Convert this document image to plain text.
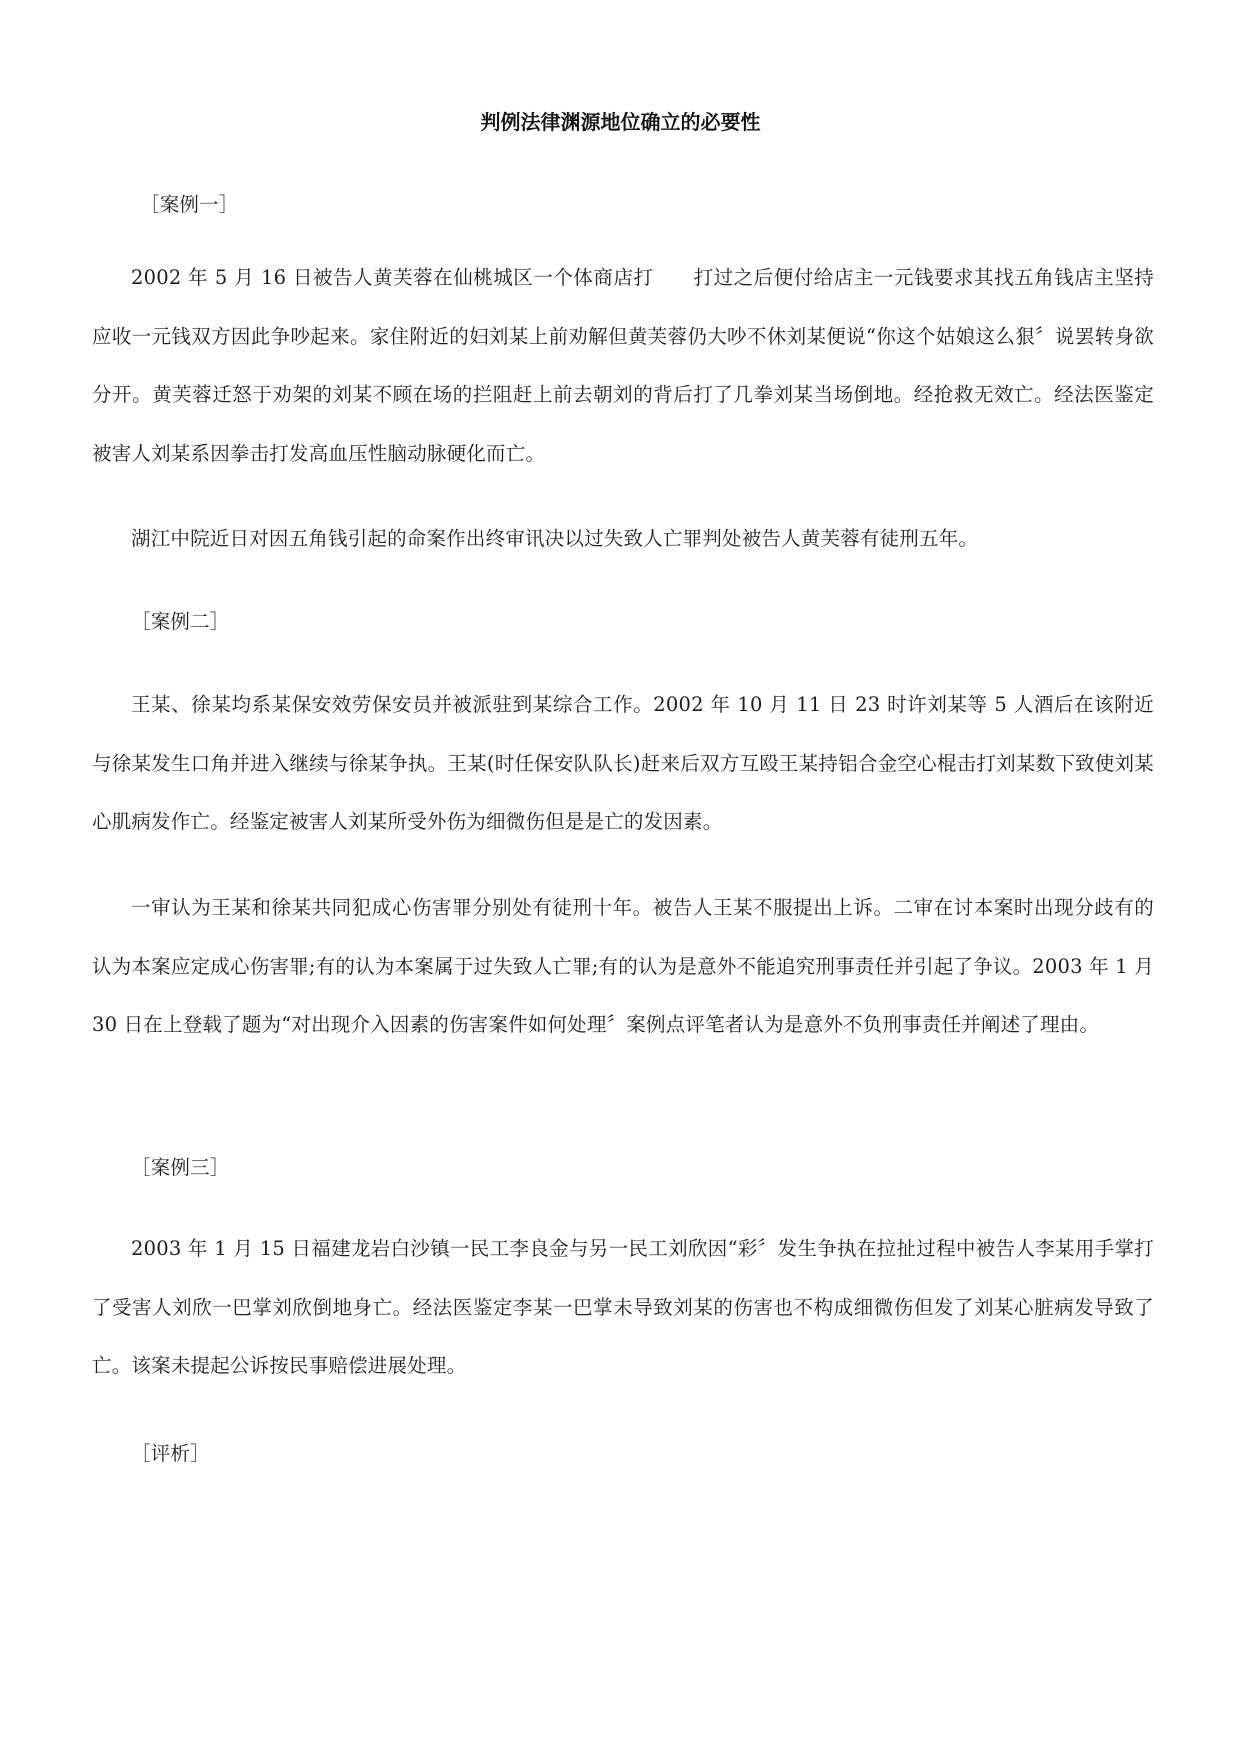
判例法律渊源地位确立的必要性

［案例一］

2002 年 5 月 16 日被告人黄芙蓉在仙桃城区一个体商店打　　打过之后便付给店主一元钱要求其找五角钱店主坚持应收一元钱双方因此争吵起来。家住附近的妇刘某上前劝解但黄芙蓉仍大吵不休刘某便说“你这个姑娘这么狠〞说罢转身欲分开。黄芙蓉迁怒于劝架的刘某不顾在场的拦阻赶上前去朝刘的背后打了几拳刘某当场倒地。经抢救无效亡。经法医鉴定被害人刘某系因拳击打发高血压性脑动脉硬化而亡。

湖江中院近日对因五角钱引起的命案作出终审讯决以过失致人亡罪判处被告人黄芙蓉有徒刑五年。

［案例二］

王某、徐某均系某保安效劳保安员并被派驻到某综合工作。2002 年 10 月 11 日 23 时许刘某等 5 人酒后在该附近与徐某发生口角并进入继续与徐某争执。王某(时任保安队队长)赶来后双方互殴王某持铝合金空心棍击打刘某数下致使刘某心肌病发作亡。经鉴定被害人刘某所受外伤为细微伤但是是亡的发因素。

一审认为王某和徐某共同犯成心伤害罪分别处有徒刑十年。被告人王某不服提出上诉。二审在讨本案时出现分歧有的认为本案应定成心伤害罪;有的认为本案属于过失致人亡罪;有的认为是意外不能追究刑事责任并引起了争议。2003 年 1 月 30 日在上登载了题为“对出现介入因素的伤害案件如何处理〞案例点评笔者认为是意外不负刑事责任并阐述了理由。

［案例三］

2003 年 1 月 15 日福建龙岩白沙镇一民工李良金与另一民工刘欣因“彩〞发生争执在拉扯过程中被告人李某用手掌打了受害人刘欣一巴掌刘欣倒地身亡。经法医鉴定李某一巴掌未导致刘某的伤害也不构成细微伤但发了刘某心脏病发导致了亡。该案未提起公诉按民事赔偿进展处理。

［评析］
